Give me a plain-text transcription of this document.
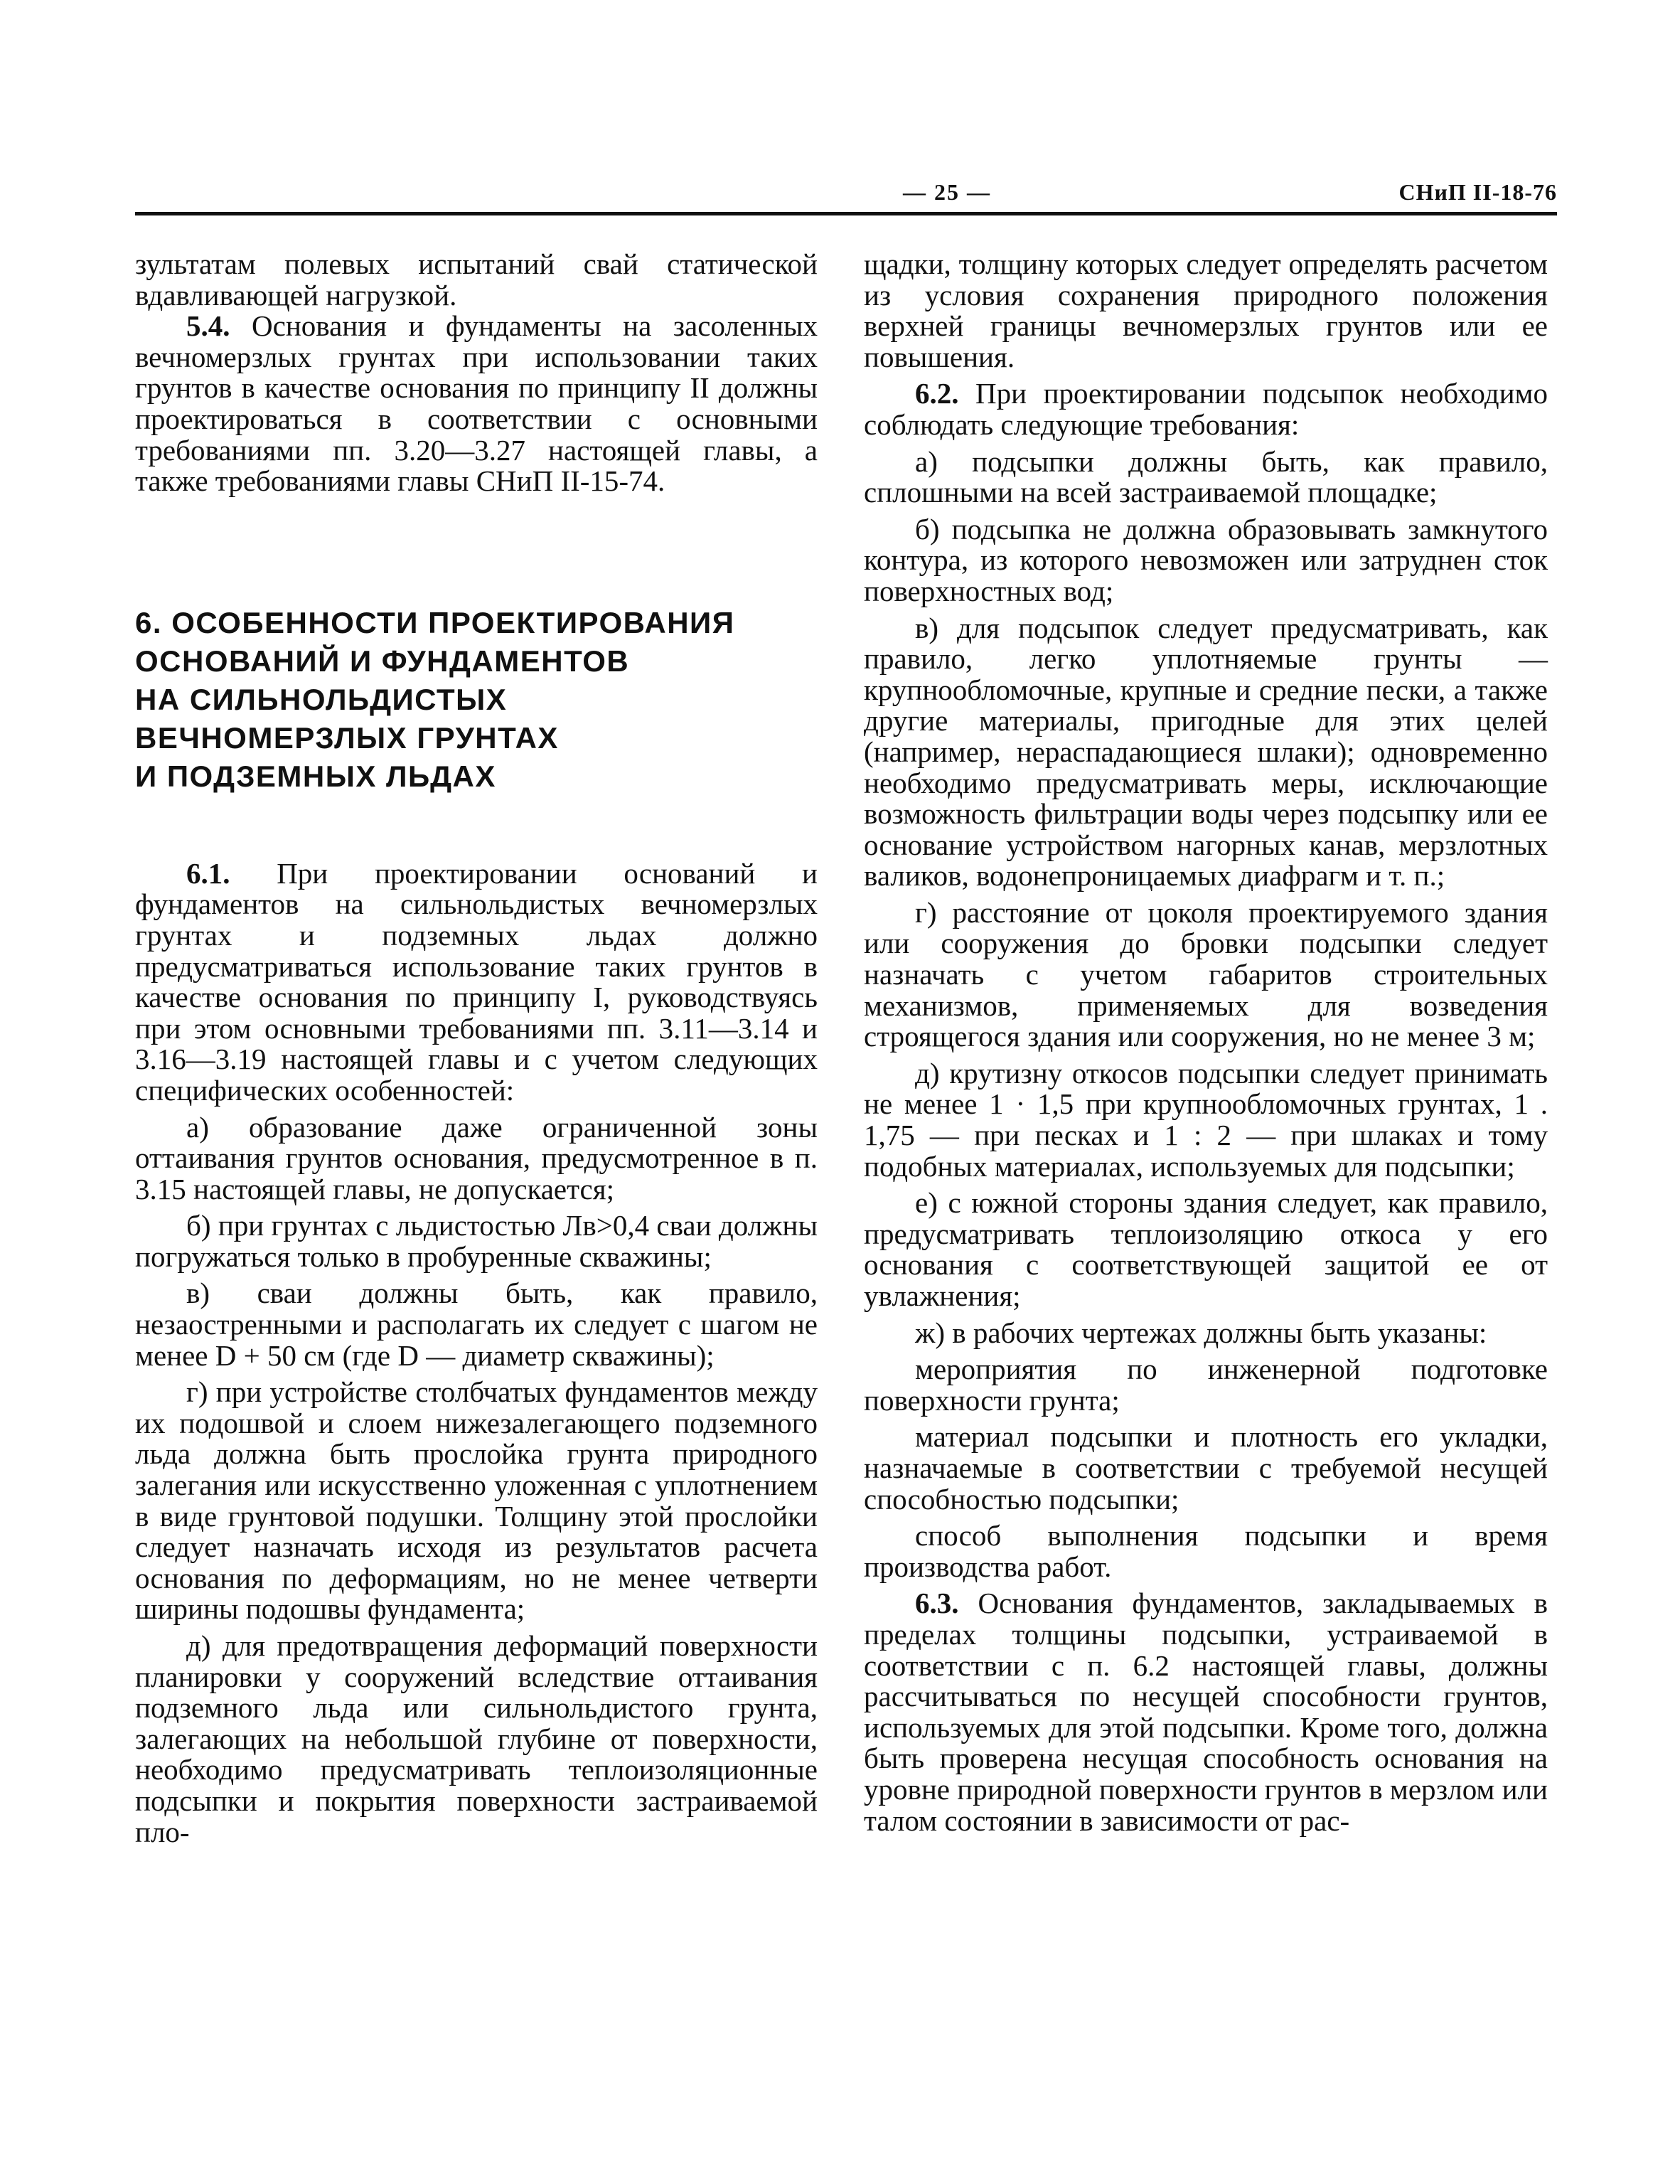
— 25 —	СНиП II-18-76

зультатам полевых испытаний свай статической вдавливающей нагрузкой.

5.4. Основания и фундаменты на засоленных вечномерзлых грунтах при использовании таких грунтов в качестве основания по принципу II должны проектироваться в соответствии с основными требованиями пп. 3.20—3.27 настоящей главы, а также требованиями главы СНиП II-15-74.

6. ОСОБЕННОСТИ ПРОЕКТИРОВАНИЯ
ОСНОВАНИЙ И ФУНДАМЕНТОВ
НА СИЛЬНОЛЬДИСТЫХ
ВЕЧНОМЕРЗЛЫХ ГРУНТАХ
И ПОДЗЕМНЫХ ЛЬДАХ

6.1. При проектировании оснований и фундаментов на сильнольдистых вечномерзлых грунтах и подземных льдах должно предусматриваться использование таких грунтов в качестве основания по принципу I, руководствуясь при этом основными требованиями пп. 3.11—3.14 и 3.16—3.19 настоящей главы и с учетом следующих специфических особенностей:

а) образование даже ограниченной зоны оттаивания грунтов основания, предусмотренное в п. 3.15 настоящей главы, не допускается;

б) при грунтах с льдистостью Лв>0,4 сваи должны погружаться только в пробуренные скважины;

в) сваи должны быть, как правило, незаостренными и располагать их следует с шагом не менее D + 50 см (где D — диаметр скважины);

г) при устройстве столбчатых фундаментов между их подошвой и слоем нижезалегающего подземного льда должна быть прослойка грунта природного залегания или искусственно уложенная с уплотнением в виде грунтовой подушки. Толщину этой прослойки следует назначать исходя из результатов расчета основания по деформациям, но не менее четверти ширины подошвы фундамента;

д) для предотвращения деформаций поверхности планировки у сооружений вследствие оттаивания подземного льда или сильнольдистого грунта, залегающих на небольшой глубине от поверхности, необходимо предусматривать теплоизоляционные подсыпки и покрытия поверхности застраиваемой пло-

щадки, толщину которых следует определять расчетом из условия сохранения природного положения верхней границы вечномерзлых грунтов или ее повышения.

6.2. При проектировании подсыпок необходимо соблюдать следующие требования:

а) подсыпки должны быть, как правило, сплошными на всей застраиваемой площадке;

б) подсыпка не должна образовывать замкнутого контура, из которого невозможен или затруднен сток поверхностных вод;

в) для подсыпок следует предусматривать, как правило, легко уплотняемые грунты — крупнообломочные, крупные и средние пески, а также другие материалы, пригодные для этих целей (например, нераспадающиеся шлаки); одновременно необходимо предусматривать меры, исключающие возможность фильтрации воды через подсыпку или ее основание устройством нагорных канав, мерзлотных валиков, водонепроницаемых диафрагм и т. п.;

г) расстояние от цоколя проектируемого здания или сооружения до бровки подсыпки следует назначать с учетом габаритов строительных механизмов, применяемых для возведения строящегося здания или сооружения, но не менее 3 м;

д) крутизну откосов подсыпки следует принимать не менее 1 · 1,5 при крупнообломочных грунтах, 1 . 1,75 — при песках и 1 : 2 — при шлаках и тому подобных материалах, используемых для подсыпки;

е) с южной стороны здания следует, как правило, предусматривать теплоизоляцию откоса у его основания с соответствующей защитой ее от увлажнения;

ж) в рабочих чертежах должны быть указаны:

мероприятия по инженерной подготовке поверхности грунта;

материал подсыпки и плотность его укладки, назначаемые в соответствии с требуемой несущей способностью подсыпки;

способ выполнения подсыпки и время производства работ.

6.3. Основания фундаментов, закладываемых в пределах толщины подсыпки, устраиваемой в соответствии с п. 6.2 настоящей главы, должны рассчитываться по несущей способности грунтов, используемых для этой подсыпки. Кроме того, должна быть проверена несущая способность основания на уровне природной поверхности грунтов в мерзлом или талом состоянии в зависимости от рас-
